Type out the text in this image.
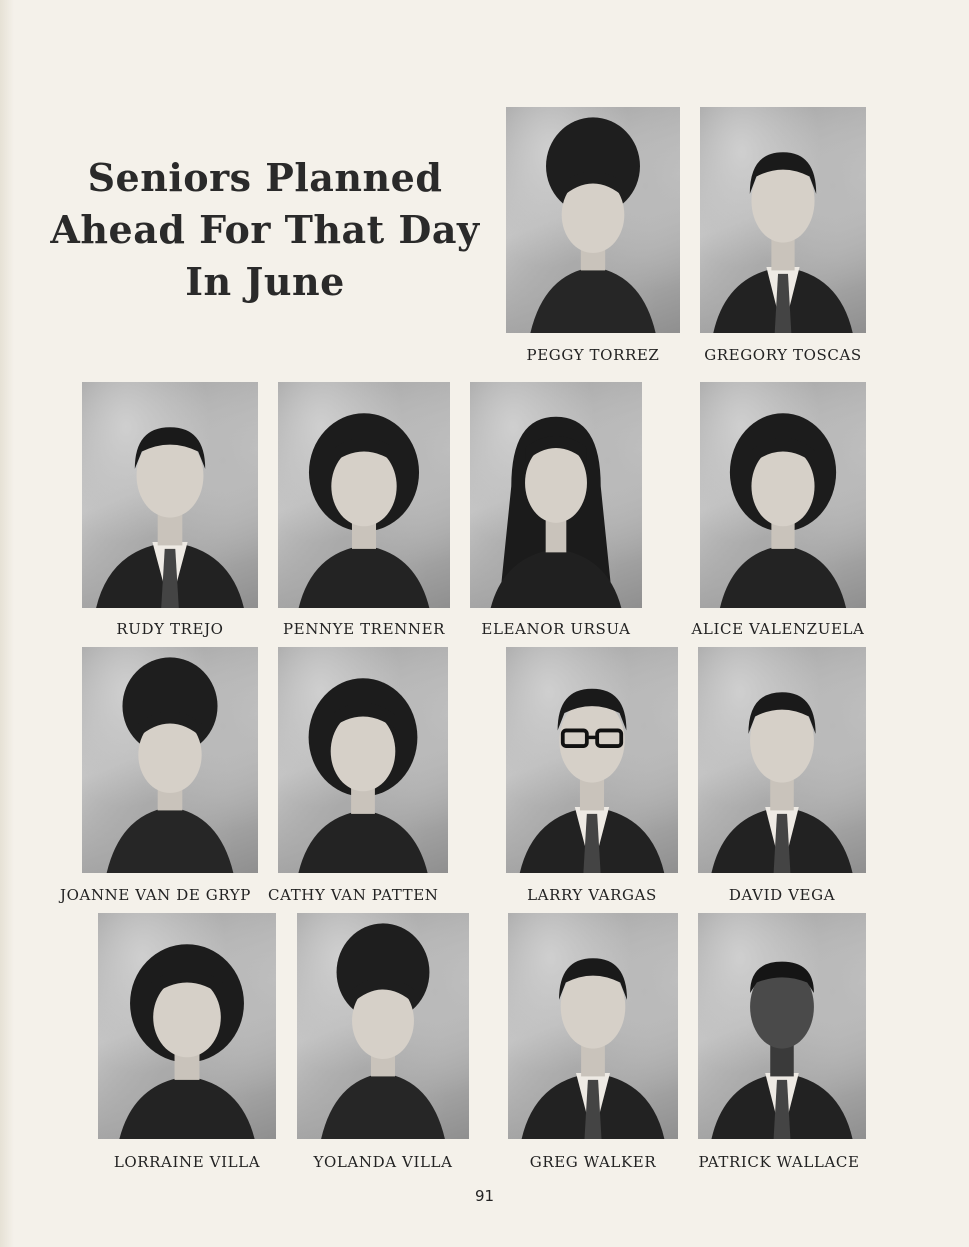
Seniors Planned
Ahead For That Day
In June
PEGGY TORREZ	GREGORY TOSCAS
RUDY TREJO	PENNYE TRENNER	ELEANOR URSUA	ALICE VALENZUELA
JOANNE VAN DE GRYP	CATHY VAN PATTEN	LARRY VARGAS	DAVID VEGA
LORRAINE VILLA	YOLANDA VILLA	GREG WALKER	PATRICK WALLACE
91
